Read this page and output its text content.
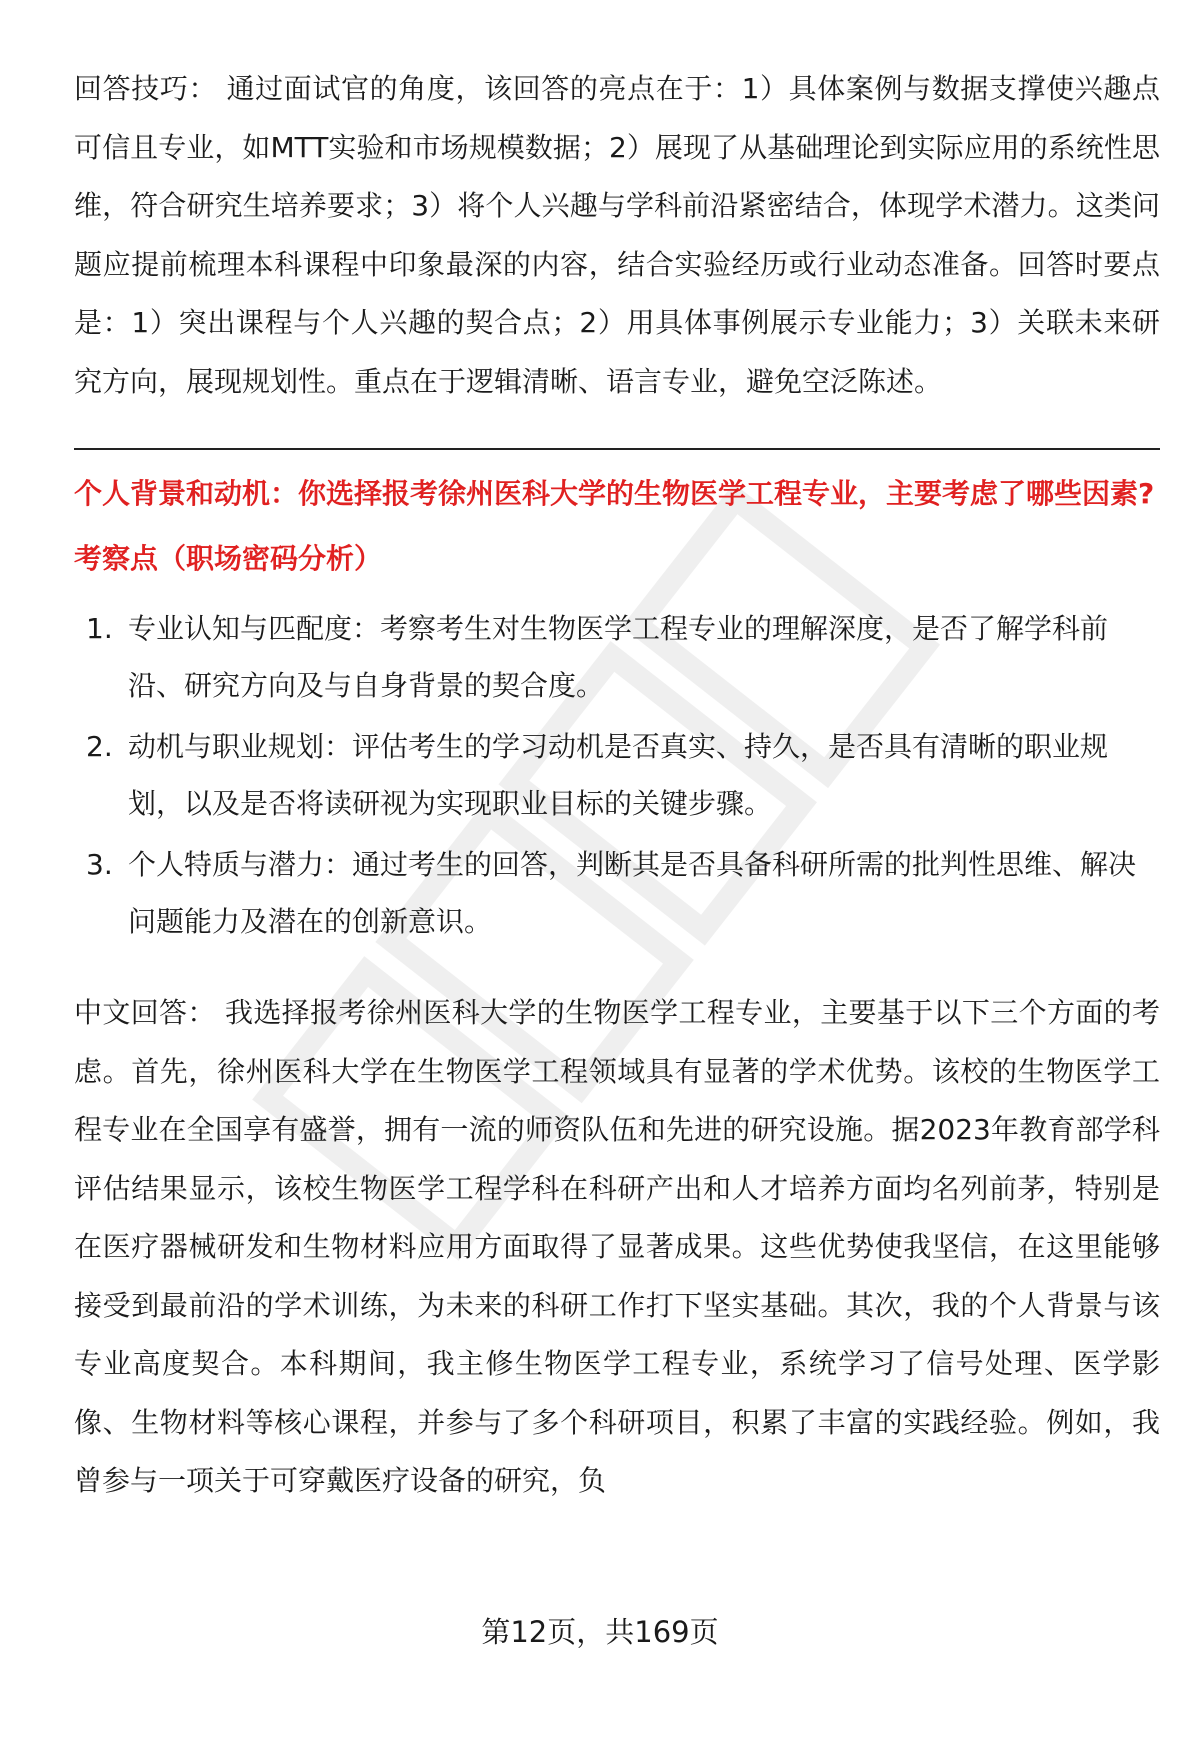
回答技巧： 通过面试官的角度，该回答的亮点在于：1）具体案例与数据支撑使兴趣点可信且专业，如MTT实验和市场规模数据；2）展现了从基础理论到实际应用的系统性思维，符合研究生培养要求；3）将个人兴趣与学科前沿紧密结合，体现学术潜力。这类问题应提前梳理本科课程中印象最深的内容，结合实验经历或行业动态准备。回答时要点是：1）突出课程与个人兴趣的契合点；2）用具体事例展示专业能力；3）关联未来研究方向，展现规划性。重点在于逻辑清晰、语言专业，避免空泛陈述。

个人背景和动机：你选择报考徐州医科大学的生物医学工程专业，主要考虑了哪些因素?

考察点（职场密码分析）
1. 专业认知与匹配度：考察考生对生物医学工程专业的理解深度，是否了解学科前沿、研究方向及与自身背景的契合度。
2. 动机与职业规划：评估考生的学习动机是否真实、持久，是否具有清晰的职业规划，以及是否将读研视为实现职业目标的关键步骤。
3. 个人特质与潜力：通过考生的回答，判断其是否具备科研所需的批判性思维、解决问题能力及潜在的创新意识。

中文回答： 我选择报考徐州医科大学的生物医学工程专业，主要基于以下三个方面的考虑。首先，徐州医科大学在生物医学工程领域具有显著的学术优势。该校的生物医学工程专业在全国享有盛誉，拥有一流的师资队伍和先进的研究设施。据2023年教育部学科评估结果显示，该校生物医学工程学科在科研产出和人才培养方面均名列前茅，特别是在医疗器械研发和生物材料应用方面取得了显著成果。这些优势使我坚信，在这里能够接受到最前沿的学术训练，为未来的科研工作打下坚实基础。其次，我的个人背景与该专业高度契合。本科期间，我主修生物医学工程专业，系统学习了信号处理、医学影像、生物材料等核心课程，并参与了多个科研项目，积累了丰富的实践经验。例如，我曾参与一项关于可穿戴医疗设备的研究，负

第12页，共169页
